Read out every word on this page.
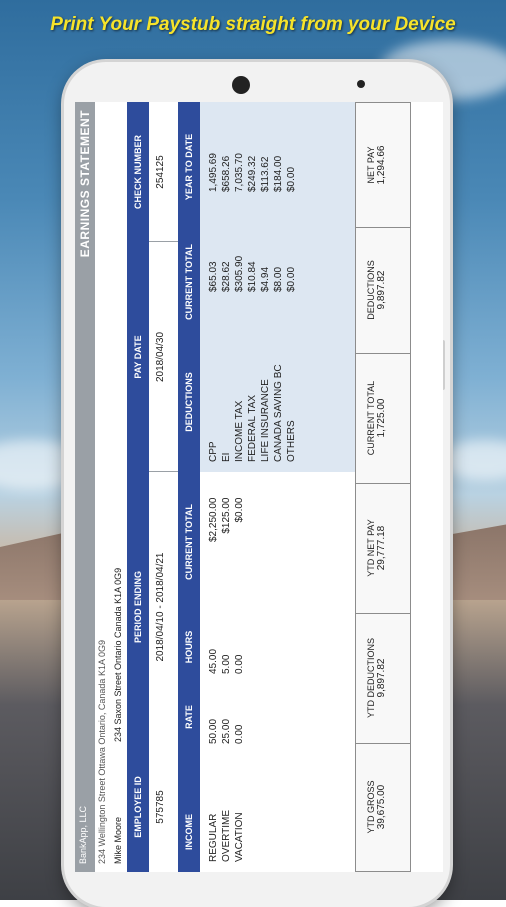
Print Your Paystub straight from your Device
BankApp, LLC
EARNINGS STATEMENT
234 Wellington Street Ottawa Ontario, Canada K1A 0G9 Mike Moore
234 Saxon Street Ontario Canada K1A 0G9
EMPLOYEE ID
PERIOD ENDING
PAY DATE
CHECK NUMBER
575785
2018/04/10 - 2018/04/21
2018/04/30
254125
INCOME
RATE
HOURS
CURRENT TOTAL
DEDUCTIONS
CURRENT TOTAL
YEAR TO DATE
REGULAR OVERTIME VACATION
50.00 25.00 0.00
45.00 5.00 0.00
$2,250.00 $125.00 $0.00
CPP EI INCOME TAX FEDERAL TAX LIFE INSURANCE CANADA SAVING BC OTHERS
$65.03 $28.62 $305.90 $10.84 $4.94 $8.00 $0.00
1,495.69 $658.26 7,035.70 $249.32 $113.62 $184.00 $0.00
YTD GROSS 39,675.00
YTD DEDUCTIONS 9,897.82
YTD NET PAY 29,777.18
CURRENT TOTAL 1,725.00
DEDUCTIONS 9,897.82
NET PAY 1,294.66
